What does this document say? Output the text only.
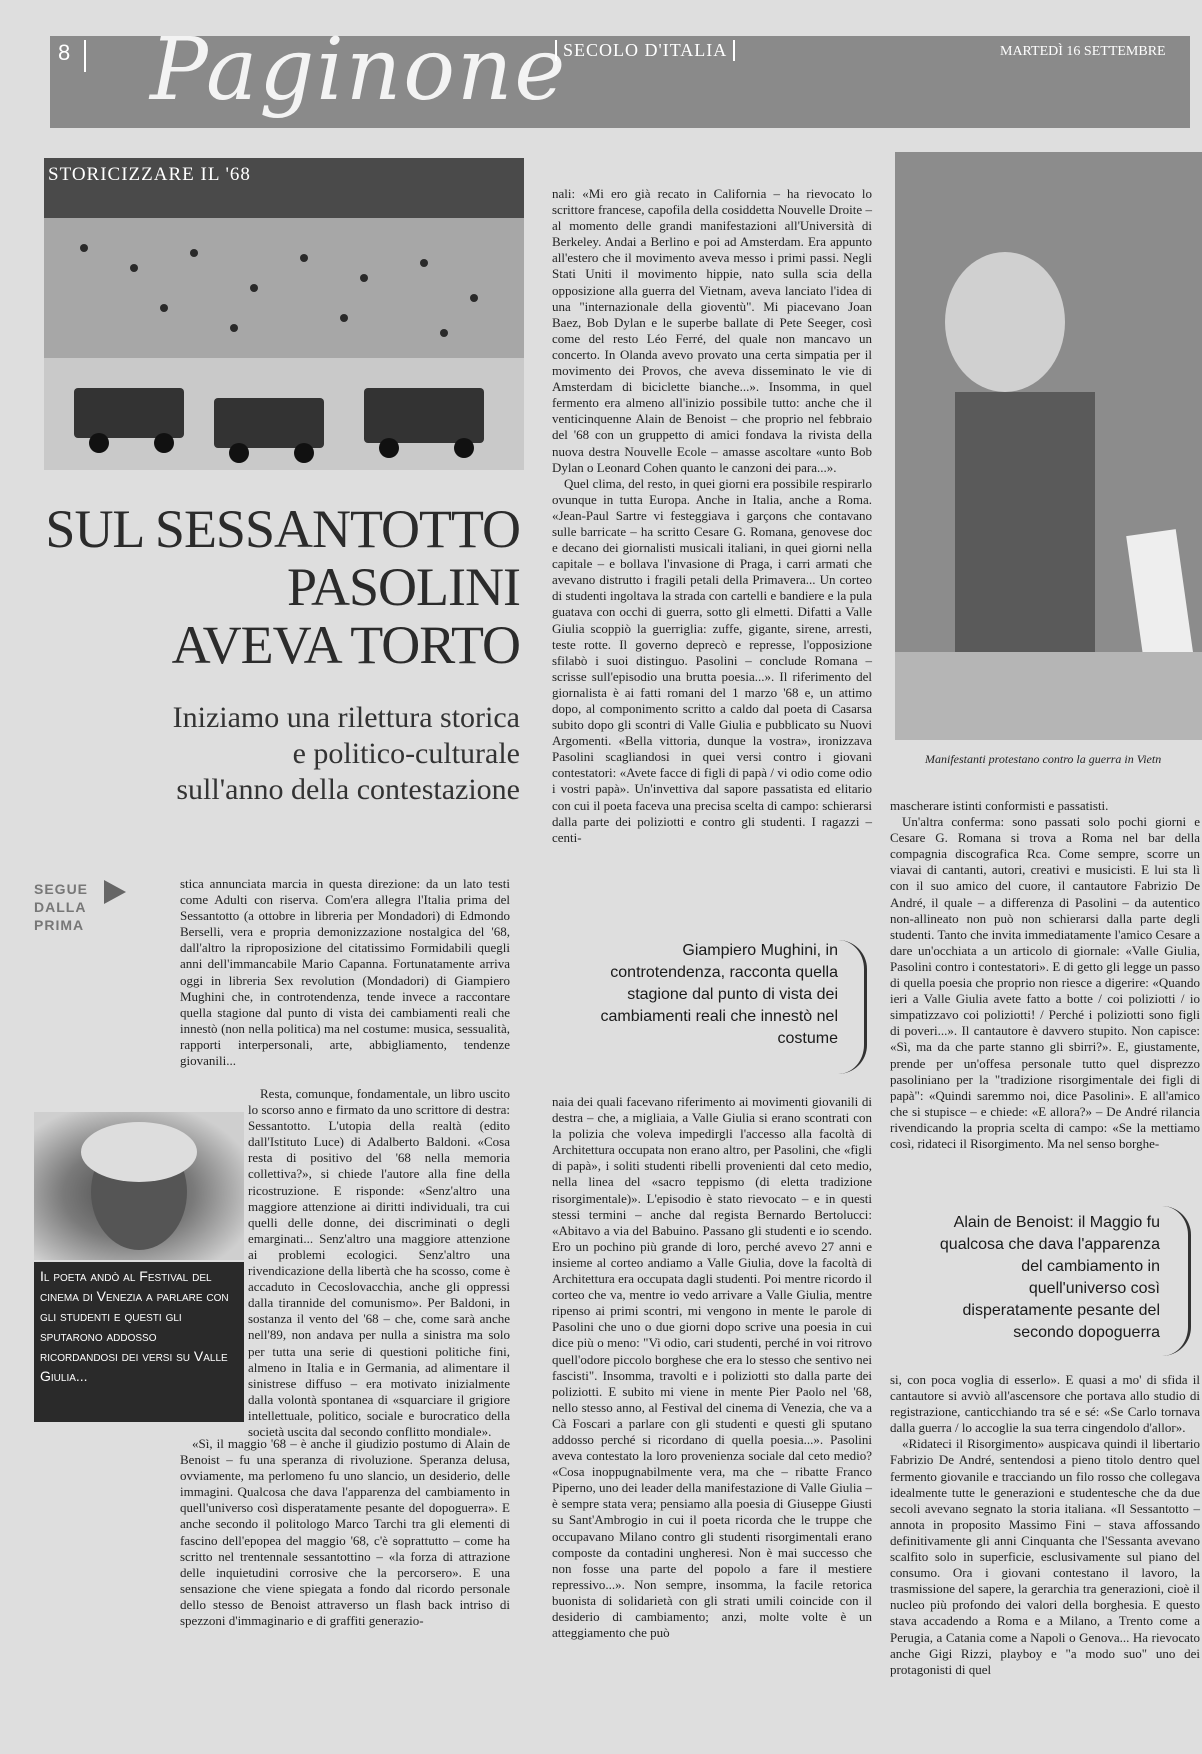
8 Paginone
SECOLO D'ITALIA	MARTEDÌ 16 SETTEMBRE
STORICIZZARE IL '68
SUL SESSANTOTTO
PASOLINI
AVEVA TORTO
Iniziamo una rilettura storica
e politico-culturale
sull'anno della contestazione
SEGUE
DALLA
PRIMA

stica annunciata marcia in questa direzione: da un lato testi come Adulti con riserva. Com'era allegra l'Italia prima del Sessantotto (a ottobre in libreria per Mondadori) di Edmondo Berselli, vera e propria demonizzazione nostalgica del '68, dall'altro la riproposizione del citatissimo Formidabili quegli anni dell'immancabile Mario Capanna. Fortunatamente arriva oggi in libreria Sex revolution (Mondadori) di Giampiero Mughini che, in controtendenza, tende invece a raccontare quella stagione dal punto di vista dei cambiamenti reali che innestò (non nella politica) ma nel costume: musica, sessualità, rapporti interpersonali, arte, abbigliamento, tendenze giovanili...

Il poeta andò al Festival del cinema di Venezia a parlare con gli studenti e questi gli sputarono addosso ricordandosi dei versi su Valle Giulia...

Resta, comunque, fondamentale, un libro uscito lo scorso anno e firmato da uno scrittore di destra: Sessantotto. L'utopia della realtà (edito dall'Istituto Luce) di Adalberto Baldoni. «Cosa resta di positivo del '68 nella memoria collettiva?», si chiede l'autore alla fine della ricostruzione. E risponde: «Senz'altro una maggiore attenzione ai diritti individuali, tra cui quelli delle donne, dei discriminati o degli emarginati... Senz'altro una maggiore attenzione ai problemi ecologici. Senz'altro una rivendicazione della libertà che ha scosso, come è accaduto in Cecoslovacchia, anche gli oppressi dalla tirannide del comunismo». Per Baldoni, in sostanza il vento del '68 – che, come sarà anche nell'89, non andava per nulla a sinistra ma solo per tutta una serie di questioni politiche fini, almeno in Italia e in Germania, ad alimentare il sinistrese diffuso – era motivato inizialmente dalla volontà spontanea di «squarciare il grigiore intellettuale, politico, sociale e burocratico della società uscita dal secondo conflitto mondiale».

«Sì, il maggio '68 – è anche il giudizio postumo di Alain de Benoist – fu una speranza di rivoluzione. Speranza delusa, ovviamente, ma perlomeno fu uno slancio, un desiderio, delle immagini. Qualcosa che dava l'apparenza del cambiamento in quell'universo così disperatamente pesante del dopoguerra». E anche secondo il politologo Marco Tarchi tra gli elementi di fascino dell'epopea del maggio '68, c'è soprattutto – come ha scritto nel trentennale sessantottino – «la forza di attrazione delle inquietudini corrosive che la percorsero». E una sensazione che viene spiegata a fondo dal ricordo personale dello stesso de Benoist attraverso un flash back intriso di spezzoni d'immaginario e di graffiti generazio-

nali: «Mi ero già recato in California – ha rievocato lo scrittore francese, capofila della cosiddetta Nouvelle Droite – al momento delle grandi manifestazioni all'Università di Berkeley. Andai a Berlino e poi ad Amsterdam. Era appunto all'estero che il movimento aveva messo i primi passi. Negli Stati Uniti il movimento hippie, nato sulla scia della opposizione alla guerra del Vietnam, aveva lanciato l'idea di una "internazionale della gioventù". Mi piacevano Joan Baez, Bob Dylan e le superbe ballate di Pete Seeger, così come del resto Léo Ferré, del quale non mancavo un concerto. In Olanda avevo provato una certa simpatia per il movimento dei Provos, che aveva disseminato le vie di Amsterdam di biciclette bianche...». Insomma, in quel fermento era almeno all'inizio possibile tutto: anche che il venticinquenne Alain de Benoist – che proprio nel febbraio del '68 con un gruppetto di amici fondava la rivista della nuova destra Nouvelle Ecole – amasse ascoltare «unto Bob Dylan o Leonard Cohen quanto le canzoni dei para...».

Quel clima, del resto, in quei giorni era possibile respirarlo ovunque in tutta Europa. Anche in Italia, anche a Roma. «Jean-Paul Sartre vi festeggiava i garçons che contavano sulle barricate – ha scritto Cesare G. Romana, genovese doc e decano dei giornalisti musicali italiani, in quei giorni nella capitale – e bollava l'invasione di Praga, i carri armati che avevano distrutto i fragili petali della Primavera... Un corteo di studenti ingoltava la strada con cartelli e bandiere e la pula guatava con occhi di guerra, sotto gli elmetti. Difatti a Valle Giulia scoppiò la guerriglia: zuffe, gigante, sirene, arresti, teste rotte. Il governo deprecò e represse, l'opposizione sfilabò i suoi distinguo. Pasolini – conclude Romana – scrisse sull'episodio una brutta poesia...». Il riferimento del giornalista è ai fatti romani del 1 marzo '68 e, un attimo dopo, al componimento scritto a caldo dal poeta di Casarsa subito dopo gli scontri di Valle Giulia e pubblicato su Nuovi Argomenti. «Bella vittoria, dunque la vostra», ironizzava Pasolini scagliandosi in quei versi contro i giovani contestatori: «Avete facce di figli di papà / vi odio come odio i vostri papà». Un'invettiva dal sapore passatista ed elitario con cui il poeta faceva una precisa scelta di campo: schierarsi dalla parte dei poliziotti e contro gli studenti. I ragazzi – centi-

Giampiero Mughini, in controtendenza, racconta quella stagione dal punto di vista dei cambiamenti reali che innestò nel costume

naia dei quali facevano riferimento ai movimenti giovanili di destra – che, a migliaia, a Valle Giulia si erano scontrati con la polizia che voleva impedirgli l'accesso alla facoltà di Architettura occupata non erano altro, per Pasolini, che «figli di papà», i soliti studenti ribelli provenienti dal ceto medio, nella linea del «sacro teppismo (di eletta tradizione risorgimentale)». L'episodio è stato rievocato – e in questi stessi termini – anche dal regista Bernardo Bertolucci: «Abitavo a via del Babuino. Passano gli studenti e io scendo. Ero un pochino più grande di loro, perché avevo 27 anni e insieme al corteo andiamo a Valle Giulia, dove la facoltà di Architettura era occupata dagli studenti. Poi mentre ricordo il corteo che va, mentre io vedo arrivare a Valle Giulia, mentre ripenso ai primi scontri, mi vengono in mente le parole di Pasolini che uno o due giorni dopo scrive una poesia in cui dice più o meno: "Vi odio, cari studenti, perché in voi ritrovo quell'odore piccolo borghese che era lo stesso che sentivo nei fascisti". Insomma, travolti e i poliziotti sto dalla parte dei poliziotti. E subito mi viene in mente Pier Paolo nel '68, nello stesso anno, al Festival del cinema di Venezia, che va a Cà Foscari a parlare con gli studenti e questi gli sputano addosso perché si ricordano di quella poesia...». Pasolini aveva contestato la loro provenienza sociale dal ceto medio? «Cosa inoppugnabilmente vera, ma che – ribatte Franco Piperno, uno dei leader della manifestazione di Valle Giulia – è sempre stata vera; pensiamo alla poesia di Giuseppe Giusti su Sant'Ambrogio in cui il poeta ricorda che le truppe che occupavano Milano contro gli studenti risorgimentali erano composte da contadini ungheresi. Non è mai successo che non fosse una parte del popolo a fare il mestiere repressivo...». Non sempre, insomma, la facile retorica buonista di solidarietà con gli strati umili coincide con il desiderio di cambiamento; anzi, molte volte è un atteggiamento che può

Manifestanti protestano contro la guerra in Vietn

mascherare istinti conformisti e passatisti.

Un'altra conferma: sono passati solo pochi giorni e Cesare G. Romana si trova a Roma nel bar della compagnia discografica Rca. Come sempre, scorre un viavai di cantanti, autori, creativi e musicisti. E lui sta lì con il suo amico del cuore, il cantautore Fabrizio De André, il quale – a differenza di Pasolini – da autentico non-allineato non può non schierarsi dalla parte degli studenti. Tanto che invita immediatamente l'amico Cesare a dare un'occhiata a un articolo di giornale: «Valle Giulia, Pasolini contro i contestatori». E di getto gli legge un passo di quella poesia che proprio non riesce a digerire: «Quando ieri a Valle Giulia avete fatto a botte / coi poliziotti / io simpatizzavo coi poliziotti! / Perché i poliziotti sono figli di poveri...». Il cantautore è davvero stupito. Non capisce: «Sì, ma da che parte stanno gli sbirri?». E, giustamente, prende per un'offesa personale tutto quel disprezzo pasoliniano per la "tradizione risorgimentale dei figli di papà": «Quindi saremmo noi, dice Pasolini». E all'amico che si stupisce – e chiede: «E allora?» – De André rilancia rivendicando la propria scelta di campo: «Se la mettiamo così, ridateci il Risorgimento. Ma nel senso borghe-

Alain de Benoist: il Maggio fu qualcosa che dava l'apparenza del cambiamento in quell'universo così disperatamente pesante del secondo dopoguerra

si, con poca voglia di esserlo». E quasi a mo' di sfida il cantautore si avviò all'ascensore che portava allo studio di registrazione, canticchiando tra sé e sé: «Se Carlo tornava dalla guerra / lo accoglie la sua terra cingendolo d'allor».

«Ridateci il Risorgimento» auspicava quindi il libertario Fabrizio De André, sentendosi a pieno titolo dentro quel fermento giovanile e tracciando un filo rosso che collegava idealmente tutte le generazioni e studentesche che da due secoli avevano segnato la storia italiana. «Il Sessantotto – annota in proposito Massimo Fini – stava affossando definitivamente gli anni Cinquanta che l'Sessanta avevano scalfito solo in superficie, esclusivamente sul piano del consumo. Ora i giovani contestano il lavoro, la trasmissione del sapere, la gerarchia tra generazioni, cioè il nucleo più profondo dei valori della borghesia. E questo stava accadendo a Roma e a Milano, a Trento come a Perugia, a Catania come a Napoli o Genova... Ha rievocato anche Gigi Rizzi, playboy e "a modo suo" uno dei protagonisti di quel
